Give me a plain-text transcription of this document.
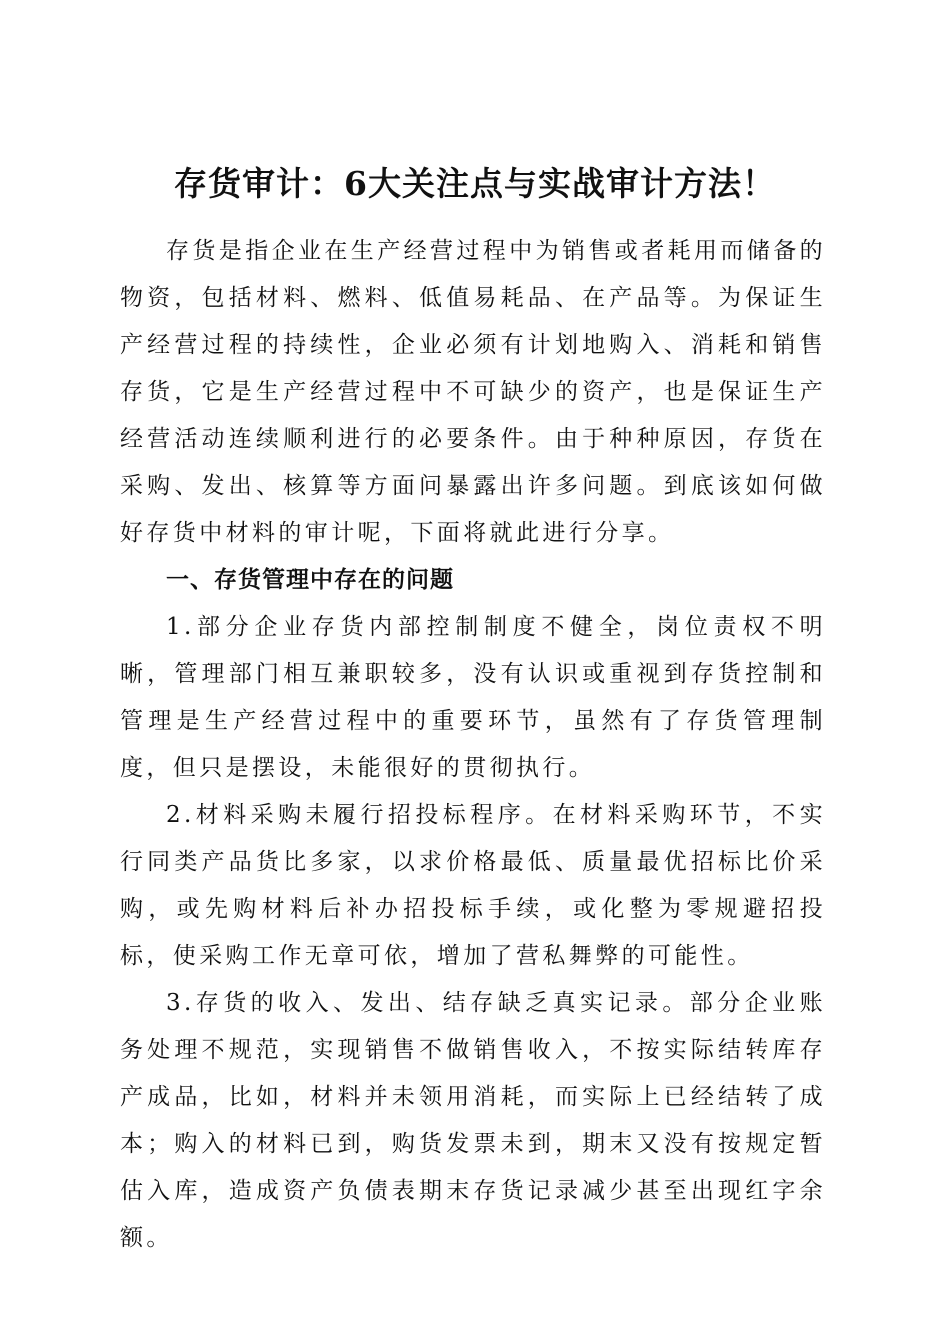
存货审计：6大关注点与实战审计方法！

存货是指企业在生产经营过程中为销售或者耗用而储备的物资，包括材料、燃料、低值易耗品、在产品等。为保证生产经营过程的持续性，企业必须有计划地购入、消耗和销售存货，它是生产经营过程中不可缺少的资产，也是保证生产经营活动连续顺利进行的必要条件。由于种种原因，存货在采购、发出、核算等方面问暴露出许多问题。到底该如何做好存货中材料的审计呢，下面将就此进行分享。

一、存货管理中存在的问题

1.部分企业存货内部控制制度不健全，岗位责权不明晰，管理部门相互兼职较多，没有认识或重视到存货控制和管理是生产经营过程中的重要环节，虽然有了存货管理制度，但只是摆设，未能很好的贯彻执行。

2.材料采购未履行招投标程序。在材料采购环节，不实行同类产品货比多家，以求价格最低、质量最优招标比价采购，或先购材料后补办招投标手续，或化整为零规避招投标，使采购工作无章可依，增加了营私舞弊的可能性。

3.存货的收入、发出、结存缺乏真实记录。部分企业账务处理不规范，实现销售不做销售收入，不按实际结转库存产成品，比如，材料并未领用消耗，而实际上已经结转了成本；购入的材料已到，购货发票未到，期末又没有按规定暂估入库，造成资产负债表期末存货记录减少甚至出现红字余额。
